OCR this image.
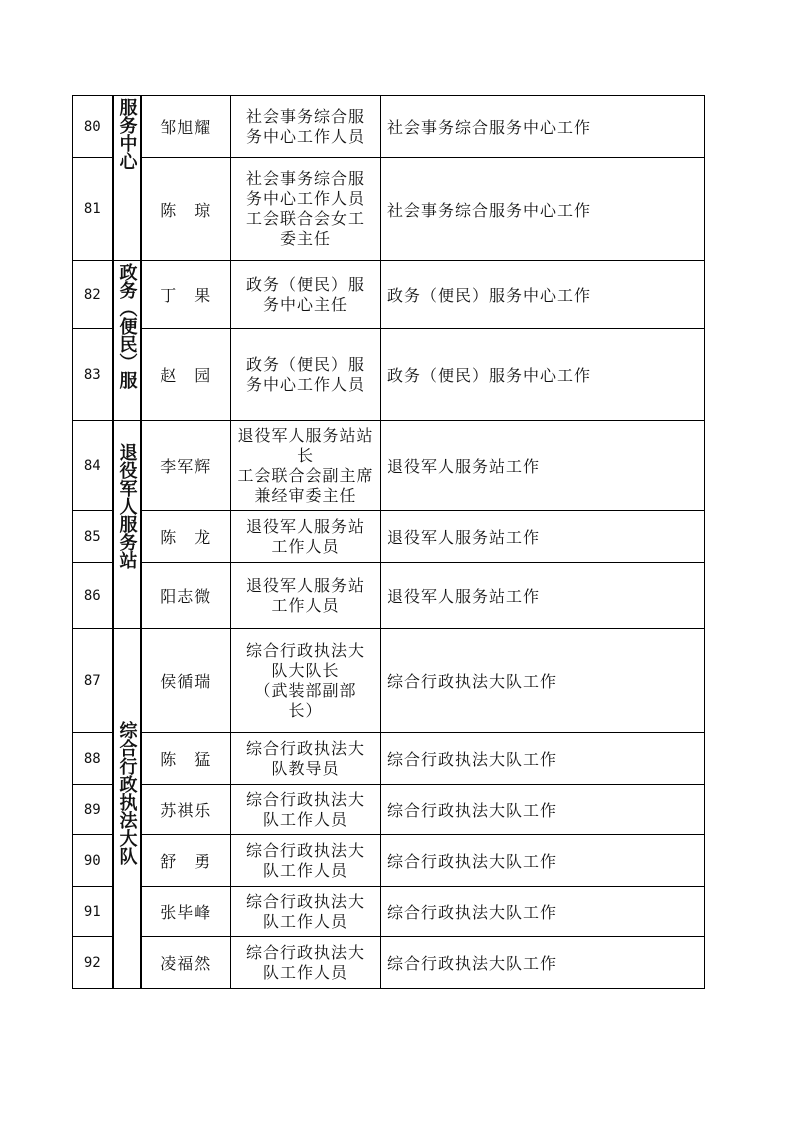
80	服务中心	邹旭耀	社会事务综合服
务中心工作人员	社会事务综合服务中心工作
81		陈　琼	社会事务综合服
务中心工作人员
工会联合会女工
委主任	社会事务综合服务中心工作
82	政务（便民）服	丁　果	政务（便民）服
务中心主任	政务（便民）服务中心工作
83		赵　园	政务（便民）服
务中心工作人员	政务（便民）服务中心工作
84	退役军人服务站	李军辉	退役军人服务站站
长
工会联合会副主席
兼经审委主任	退役军人服务站工作
85		陈　龙	退役军人服务站
工作人员	退役军人服务站工作
86		阳志微	退役军人服务站
工作人员	退役军人服务站工作
87	综合行政执法大队	侯循瑞	综合行政执法大
队大队长
（武装部副部
长）	综合行政执法大队工作
88		陈　猛	综合行政执法大
队教导员	综合行政执法大队工作
89		苏祺乐	综合行政执法大
队工作人员	综合行政执法大队工作
90		舒　勇	综合行政执法大
队工作人员	综合行政执法大队工作
91		张毕峰	综合行政执法大
队工作人员	综合行政执法大队工作
92		凌福然	综合行政执法大
队工作人员	综合行政执法大队工作
